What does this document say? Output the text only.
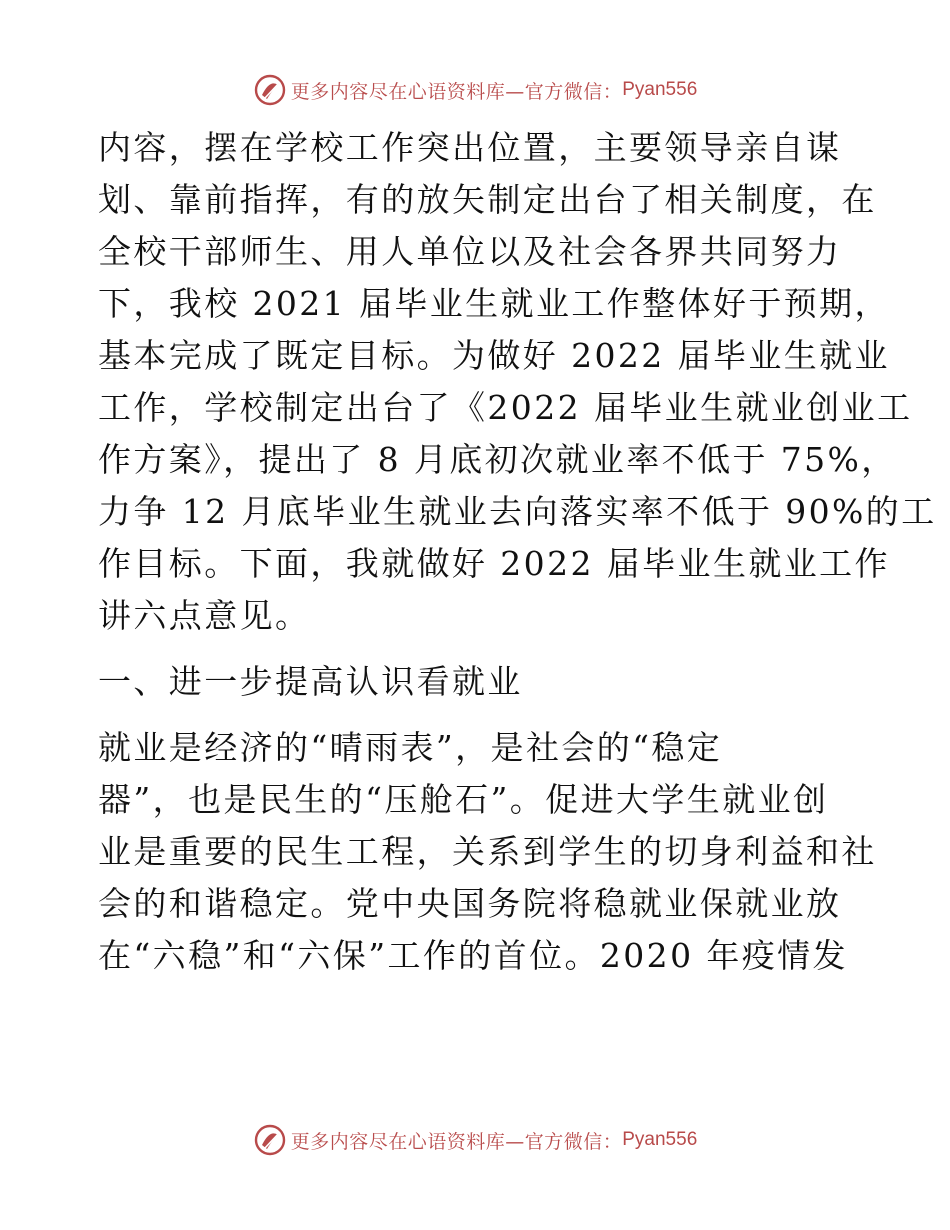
更多内容尽在心语资料库—官方微信： Pyan556
内容，摆在学校工作突出位置，主要领导亲自谋
划、靠前指挥，有的放矢制定出台了相关制度，在
全校干部师生、用人单位以及社会各界共同努力
下，我校 2021 届毕业生就业工作整体好于预期，
基本完成了既定目标。为做好 2022 届毕业生就业
工作，学校制定出台了《2022 届毕业生就业创业工
作方案》，提出了 8 月底初次就业率不低于 75%，
力争 12 月底毕业生就业去向落实率不低于 90%的工
作目标。下面，我就做好 2022 届毕业生就业工作
讲六点意见。
一、进一步提高认识看就业
就业是经济的“晴雨表”，是社会的“稳定
器”，也是民生的“压舱石”。促进大学生就业创
业是重要的民生工程，关系到学生的切身利益和社
会的和谐稳定。党中央国务院将稳就业保就业放
在“六稳”和“六保”工作的首位。2020 年疫情发
更多内容尽在心语资料库—官方微信： Pyan556
